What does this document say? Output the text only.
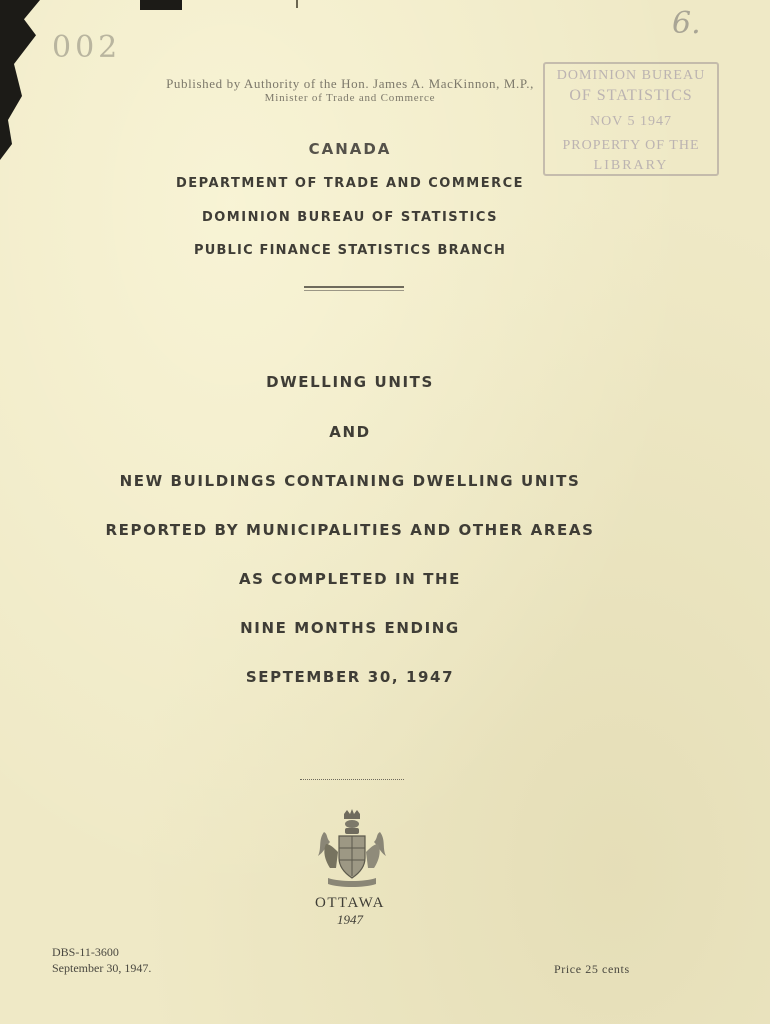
002
6.
Published by Authority of the Hon. James A. MacKinnon, M.P.,
Minister of Trade and Commerce
DOMINION BUREAU
OF STATISTICS
NOV 5 1947
PROPERTY OF THE
LIBRARY
CANADA
DEPARTMENT OF TRADE AND COMMERCE
DOMINION BUREAU OF STATISTICS
PUBLIC FINANCE STATISTICS BRANCH
DWELLING UNITS
AND
NEW BUILDINGS CONTAINING DWELLING UNITS
REPORTED BY MUNICIPALITIES AND OTHER AREAS
AS COMPLETED IN THE
NINE MONTHS ENDING
SEPTEMBER 30, 1947
OTTAWA
1947
DBS-11-3600
September 30, 1947.	Price 25 cents
